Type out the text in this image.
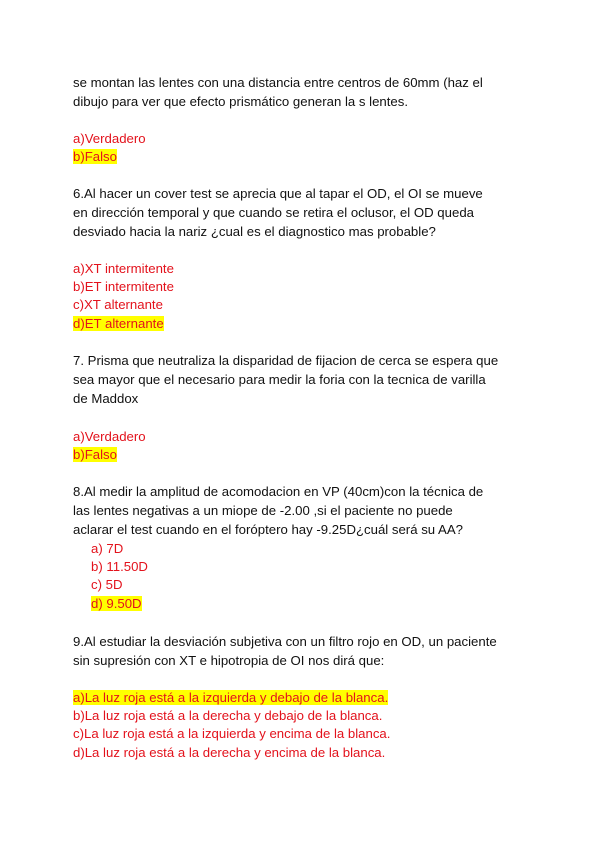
se montan las lentes con una distancia entre centros de 60mm (haz el
dibujo para ver que efecto prismático generan la s lentes.
a)Verdadero
b)Falso
6.Al hacer un cover test se aprecia que al tapar el OD, el OI se mueve
en dirección temporal y que cuando se retira el oclusor, el OD queda
desviado hacia la nariz ¿cual es el diagnostico mas probable?
a)XT intermitente
b)ET intermitente
c)XT alternante
d)ET alternante
7. Prisma que neutraliza la disparidad de fijacion de cerca se espera que
sea mayor que el necesario para medir la foria con la tecnica de varilla
de Maddox
a)Verdadero
b)Falso
8.Al medir la amplitud de acomodacion en VP (40cm)con la técnica de
las lentes negativas a un miope de -2.00 ,si el paciente no puede
aclarar el test cuando en el foróptero hay -9.25D¿cuál será su AA?
a) 7D
b) 11.50D
c) 5D
d) 9.50D
9.Al estudiar la desviación subjetiva con un filtro rojo en OD, un paciente
sin supresión con XT e hipotropia de OI nos dirá que:
a)La luz roja está a la izquierda y debajo de la blanca.
b)La luz roja está a la derecha y debajo de la blanca.
c)La luz roja está a la izquierda y encima de la blanca.
d)La luz roja está a la derecha y encima de la blanca.
